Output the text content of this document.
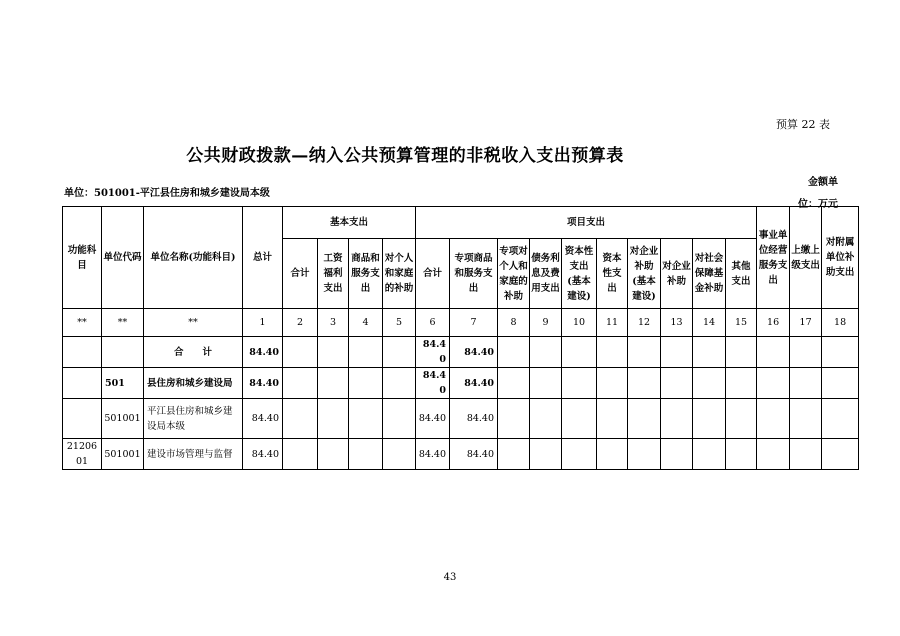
预算 22 表
公共财政拨款—纳入公共预算管理的非税收入支出预算表
单位：501001-平江县住房和城乡建设局本级
金额单位：万元
功能科目	单位代码	单位名称(功能科目)	总计	基本支出				项目支出										事业单位经营服务支出	上缴上级支出	对附属单位补助支出
				合计	工资福利支出	商品和服务支出	对个人和家庭的补助	合计	专项商品和服务支出	专项对个人和家庭的补助	债务利息及费用支出	资本性支出(基本建设)	资本性支出	对企业补助(基本建设)	对企业补助	对社会保障基金补助	其他支出			

**	**	**	1	2	3	4	5	6	7	8	9	10	11	12	13	14	15	16	17	18
		合　　计	84.40					84.40	84.40											
	501	县住房和城乡建设局	84.40					84.40	84.40											
	501001	平江县住房和城乡建设局本级	84.40					84.40	84.40											
2120601	501001	建设市场管理与监督	84.40					84.40	84.40											
43
